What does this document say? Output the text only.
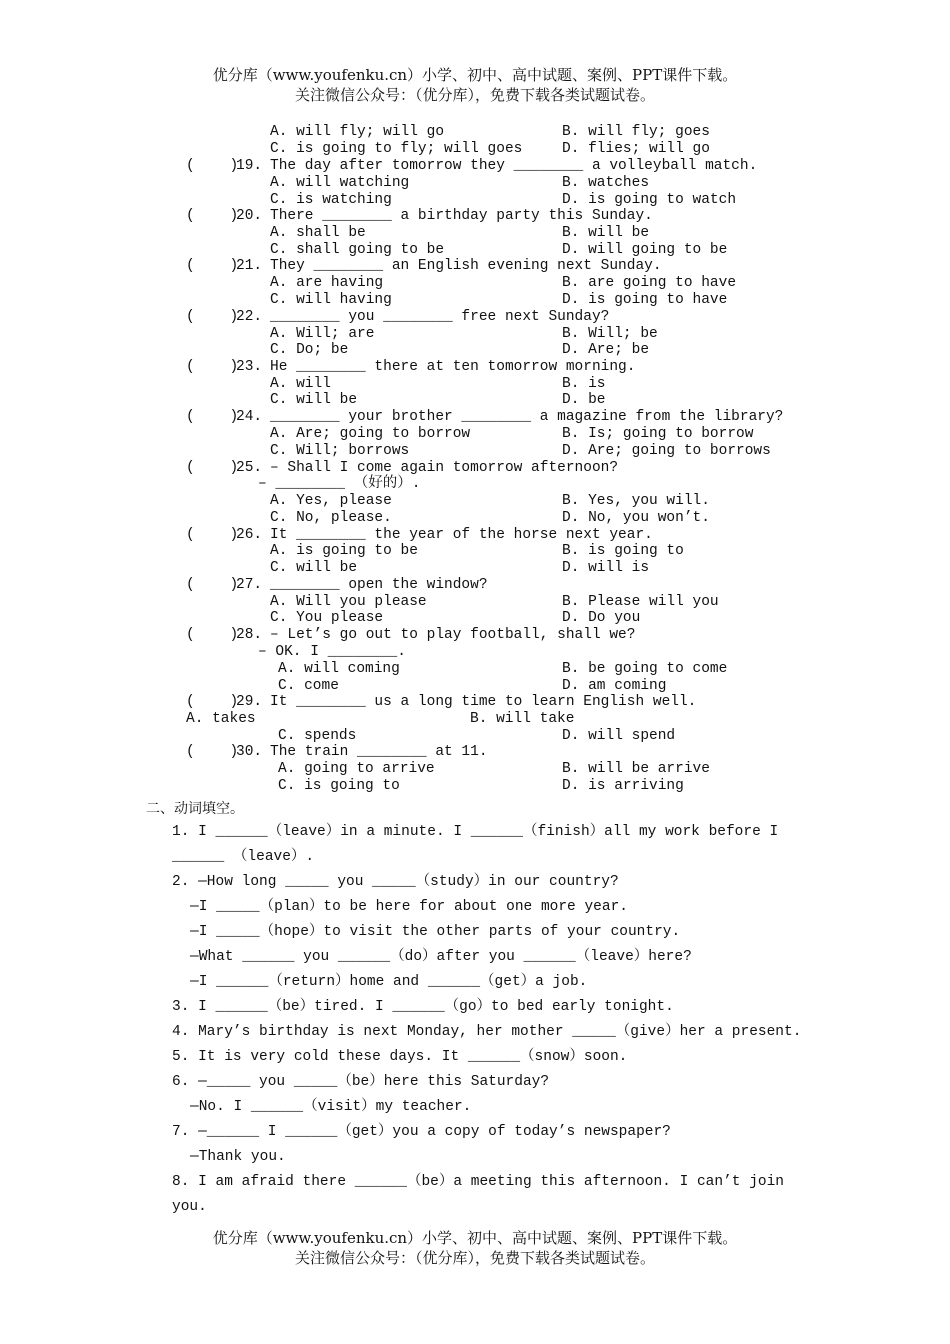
优分库（www.youfenku.cn）小学、初中、高中试题、案例、PPT课件下载。
关注微信公众号：（优分库），免费下载各类试题试卷。
A. will fly; will go	B. will fly; goes
C. is going to fly; will goes	D. flies; will go
(    )
19. The day after tomorrow they ________ a volleyball match.
A. will watching	B. watches
C. is watching	D. is going to watch
(    )
20. There ________ a birthday party this Sunday.
A. shall be	B. will be
C. shall going to be	D. will going to be
(    )
21. They ________ an English evening next Sunday.
A. are having	B. are going to have
C. will having	D. is going to have
(    )
22. ________ you ________ free next Sunday?
A. Will; are	B. Will; be
C. Do; be	D. Are; be
(    )
23. He ________ there at ten tomorrow morning.
A. will	B. is
C. will be	D. be
(    )
24. ________ your brother ________ a magazine from the library?
A. Are; going to borrow	B. Is; going to borrow
C. Will; borrows	D. Are; going to borrows
(    )
25. – Shall I come again tomorrow afternoon?
– ________ （好的）.
A. Yes, please	B. Yes, you will.
C. No, please.	D. No, you won’t.
(    )
26. It ________ the year of the horse next year.
A. is going to be	B. is going to
C. will be	D. will is
(    )
27. ________ open the window?
A. Will you please	B. Please will you
C. You please	D. Do you
(    )
28. – Let’s go out to play football, shall we?
– OK. I ________.
A. will coming	B. be going to come
C. come	D. am coming
(    )
29. It ________ us a long time to learn English well.
A. takes	B. will take
C. spends	D. will spend
(    )
30. The train ________ at 11.
A. going to arrive	B. will be arrive
C. is going to	D. is arriving
二、动词填空。
1. I ______（leave）in a minute. I ______（finish）all my work before I
______ （leave）.
2. —How long _____ you _____（study）in our country?
—I _____（plan）to be here for about one more year.
—I _____（hope）to visit the other parts of your country.
—What ______ you ______（do）after you ______（leave）here?
—I ______（return）home and ______（get）a job.
3. I ______（be）tired. I ______（go）to bed early tonight.
4. Mary’s birthday is next Monday, her mother _____（give）her a present.
5. It is very cold these days. It ______（snow）soon.
6. —_____ you _____（be）here this Saturday?
—No. I ______（visit）my teacher.
7. —______ I ______（get）you a copy of today’s newspaper?
—Thank you.
8. I am afraid there ______（be）a meeting this afternoon. I can’t join
you.
优分库（www.youfenku.cn）小学、初中、高中试题、案例、PPT课件下载。
关注微信公众号：（优分库），免费下载各类试题试卷。
